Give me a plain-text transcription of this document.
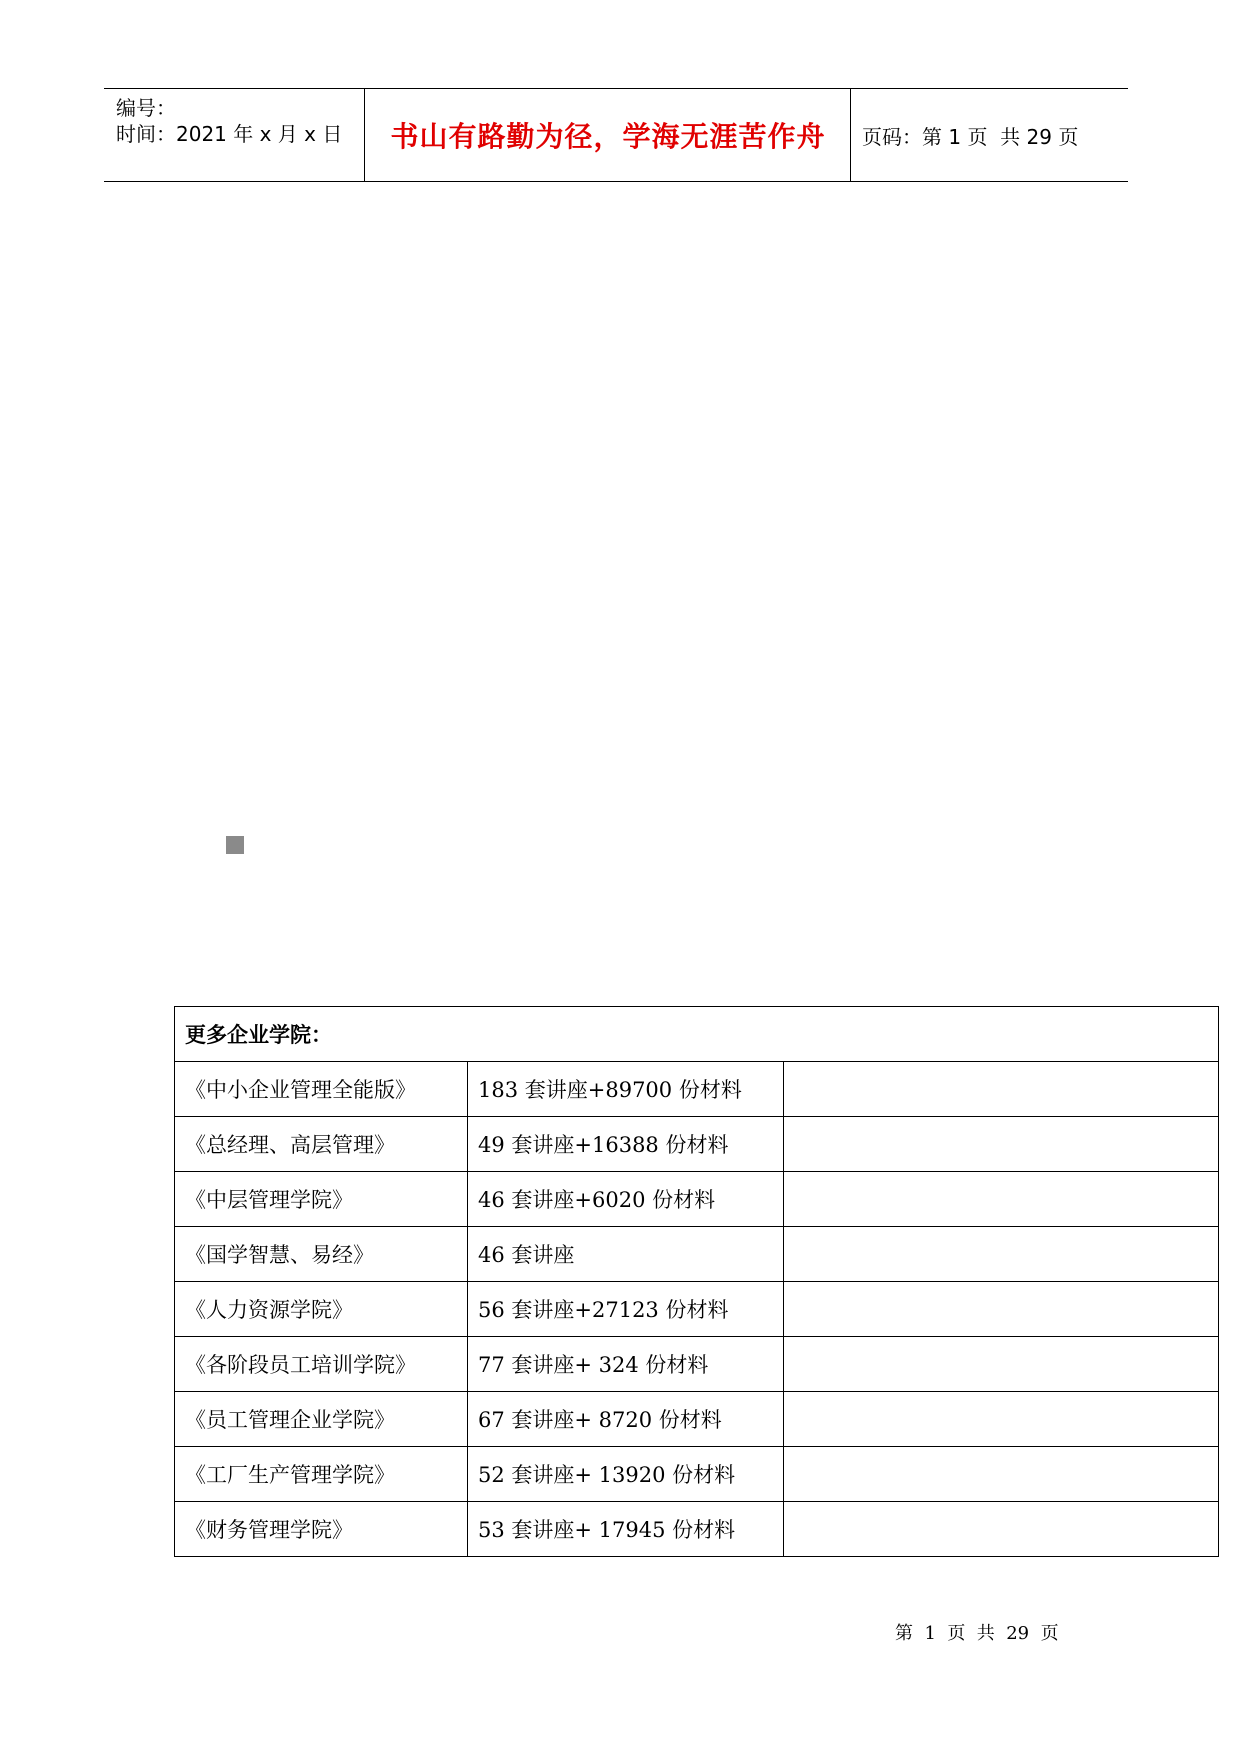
编号：
时间：2021 年 x 月 x 日 书山有路勤为径，学海无涯苦作舟 页码：第 1 页  共 29 页
更多企业学院：		
《中小企业管理全能版》	183 套讲座+89700 份材料	
《总经理、高层管理》	49 套讲座+16388 份材料	
《中层管理学院》	46 套讲座+6020 份材料	
《国学智慧、易经》	46 套讲座	
《人力资源学院》	56 套讲座+27123 份材料	
《各阶段员工培训学院》	77 套讲座+ 324 份材料	
《员工管理企业学院》	67 套讲座+ 8720 份材料	
《工厂生产管理学院》	52 套讲座+ 13920 份材料	
《财务管理学院》	53 套讲座+ 17945 份材料	
第  1  页  共  29  页
